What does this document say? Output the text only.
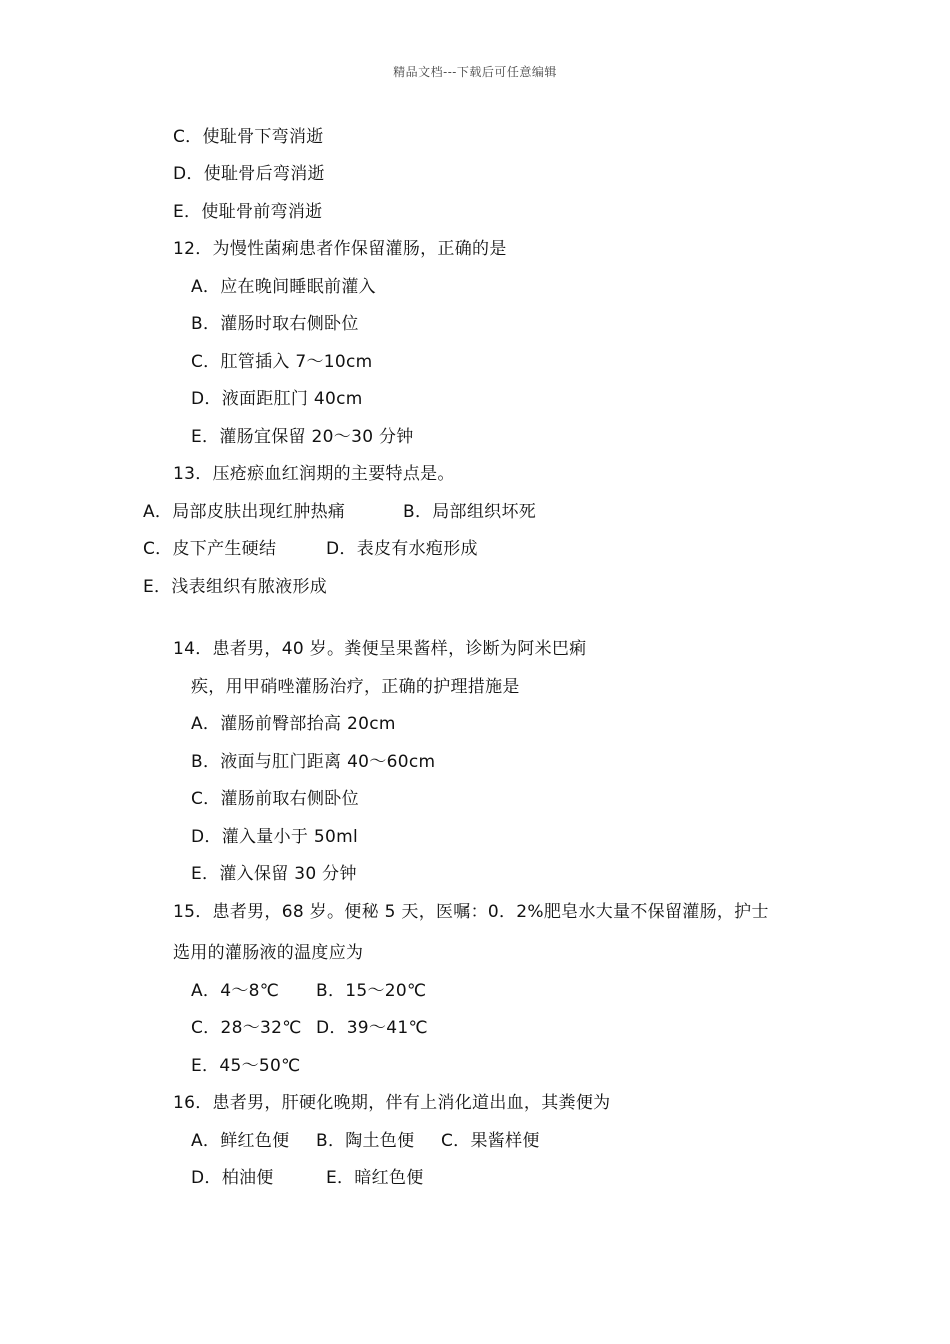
精品文档---下载后可任意编辑
C．使耻骨下弯消逝
D．使耻骨后弯消逝
E．使耻骨前弯消逝
12．为慢性菌痢患者作保留灌肠，正确的是
A．应在晚间睡眠前灌入
B．灌肠时取右侧卧位
C．肛管插入 7～10cm
D．液面距肛门 40cm
E．灌肠宜保留 20～30 分钟
13．压疮瘀血红润期的主要特点是。
A．局部皮肤出现红肿热痛	B．局部组织坏死
C．皮下产生硬结	D．表皮有水疱形成
E．浅表组织有脓液形成
14．患者男，40 岁。粪便呈果酱样，诊断为阿米巴痢
疾，用甲硝唑灌肠治疗，正确的护理措施是
A．灌肠前臀部抬高 20cm
B．液面与肛门距离 40～60cm
C．灌肠前取右侧卧位
D．灌入量小于 50ml
E．灌入保留 30 分钟
15．患者男，68 岁。便秘 5 天，医嘱：0．2%肥皂水大量不保留灌肠，护士
选用的灌肠液的温度应为
A．4～8℃ B．15～20℃
C．28～32℃ D．39～41℃
E．45～50℃
16．患者男，肝硬化晚期，伴有上消化道出血，其粪便为
A．鲜红色便 B．陶土色便 C．果酱样便
D．柏油便	E．暗红色便
